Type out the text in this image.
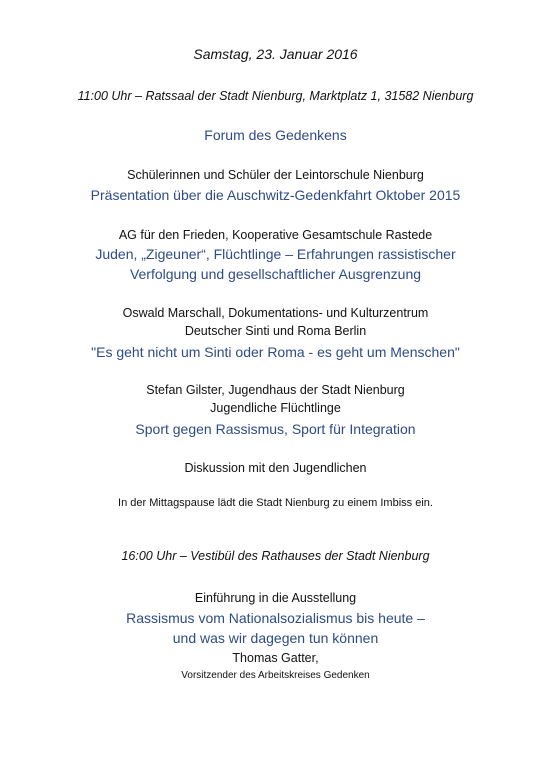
Samstag, 23. Januar 2016
11:00 Uhr – Ratssaal der Stadt Nienburg, Marktplatz 1, 31582 Nienburg
Forum des Gedenkens
Schülerinnen und Schüler der Leintorschule Nienburg
Präsentation über die Auschwitz-Gedenkfahrt Oktober 2015
AG für den Frieden, Kooperative Gesamtschule Rastede
Juden, „Zigeuner“, Flüchtlinge – Erfahrungen rassistischer
Verfolgung und gesellschaftlicher Ausgrenzung
Oswald Marschall, Dokumentations- und Kulturzentrum
Deutscher Sinti und Roma Berlin
"Es geht nicht um Sinti oder Roma - es geht um Menschen"
Stefan Gilster, Jugendhaus der Stadt Nienburg
Jugendliche Flüchtlinge
Sport gegen Rassismus, Sport für Integration
Diskussion mit den Jugendlichen
In der Mittagspause lädt die Stadt Nienburg zu einem Imbiss ein.
16:00 Uhr – Vestibül des Rathauses der Stadt Nienburg
Einführung in die Ausstellung
Rassismus vom Nationalsozialismus bis heute –
und was wir dagegen tun können
Thomas Gatter,
Vorsitzender des Arbeitskreises Gedenken
